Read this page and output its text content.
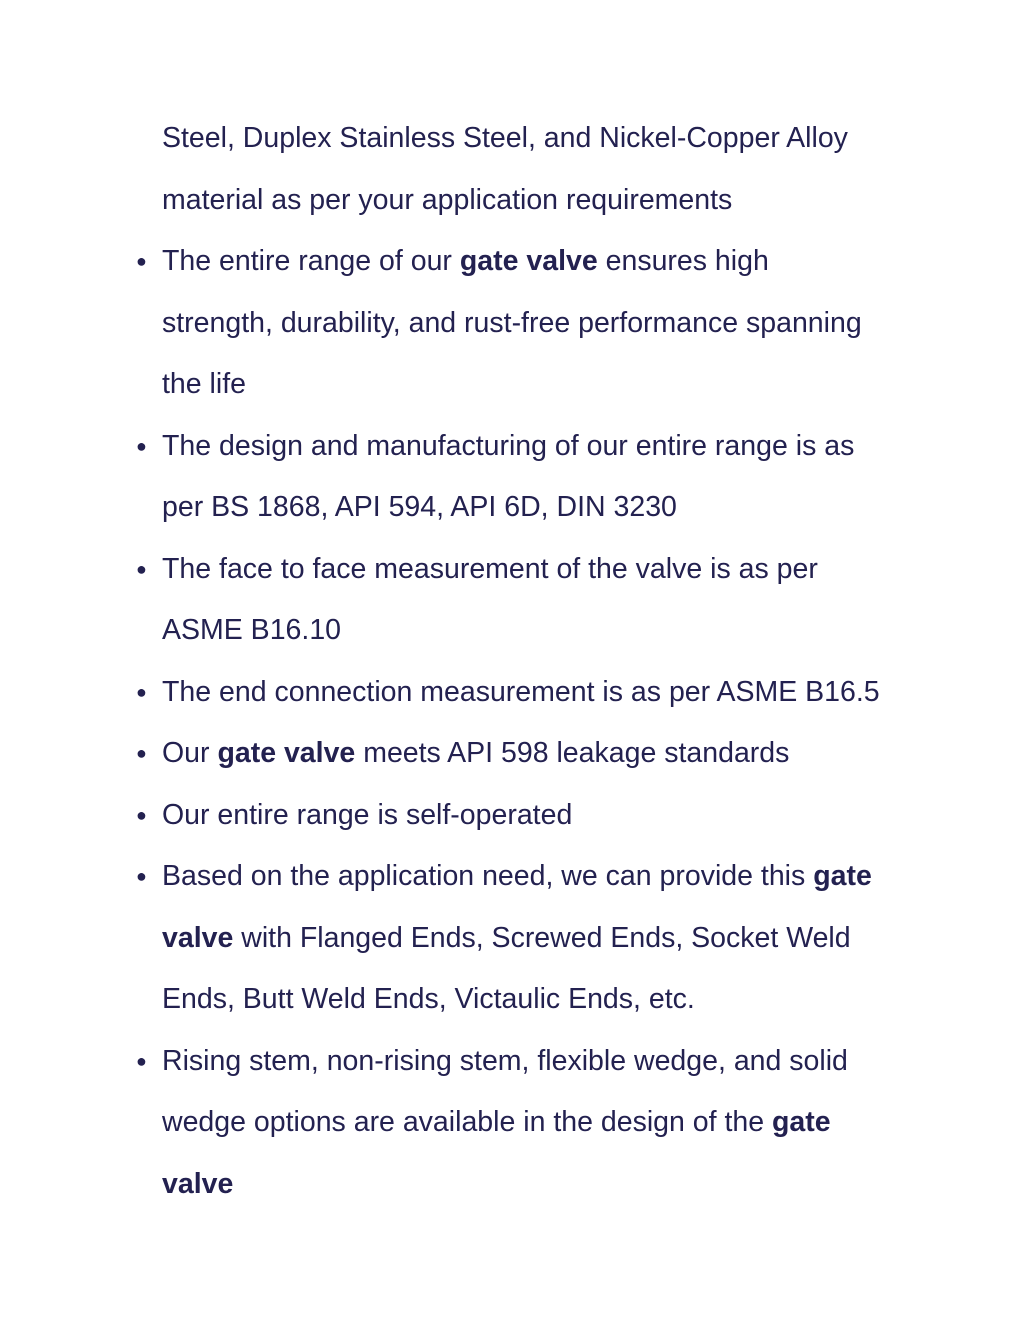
Steel, Duplex Stainless Steel, and Nickel-Copper Alloy
material as per your application requirements
● The entire range of our gate valve ensures high
strength, durability, and rust-free performance spanning
the life
● The design and manufacturing of our entire range is as
per BS 1868, API 594, API 6D, DIN 3230
● The face to face measurement of the valve is as per
ASME B16.10
● The end connection measurement is as per ASME B16.5
● Our gate valve meets API 598 leakage standards
● Our entire range is self-operated
● Based on the application need, we can provide this gate
valve with Flanged Ends, Screwed Ends, Socket Weld
Ends, Butt Weld Ends, Victaulic Ends, etc.
● Rising stem, non-rising stem, flexible wedge, and solid
wedge options are available in the design of the gate
valve
